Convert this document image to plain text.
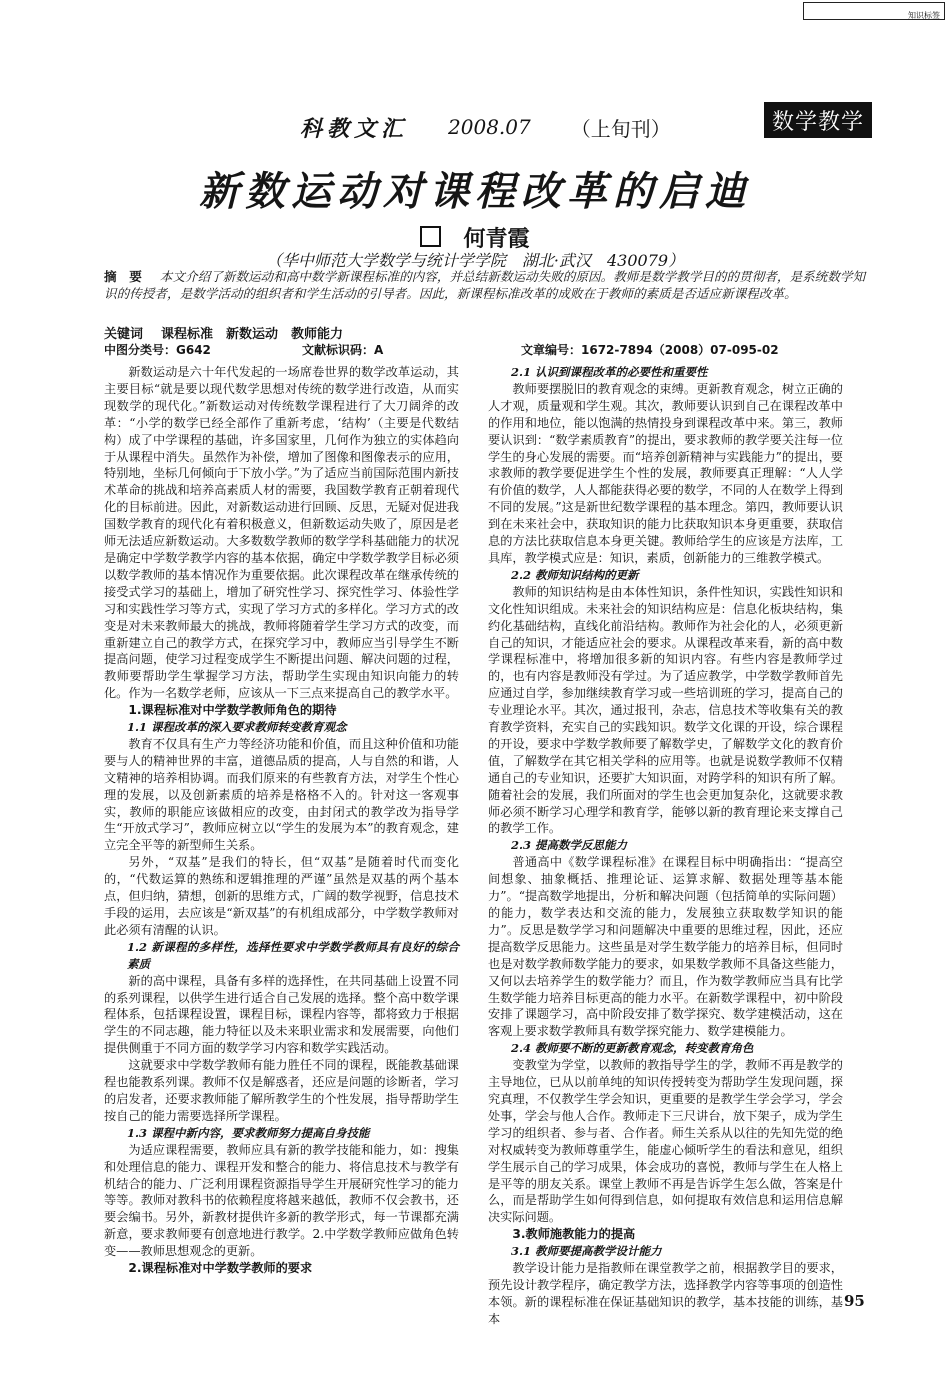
知识标签
科教文汇 2008.07 （上旬刊）	数学教学
新数运动对课程改革的启迪
何青霞
（华中师范大学数学与统计学学院　湖北·武汉　430079）
摘　要 本文介绍了新数运动和高中数学新课程标准的内容，并总结新数运动失败的原因。教师是数学教学目的的贯彻者，是系统数学知识的传授者，是数学活动的组织者和学生活动的引导者。因此，新课程标准改革的成败在于教师的素质是否适应新课程改革。
关键词 课程标准　新数运动　教师能力
中图分类号：G642	文献标识码：A	文章编号：1672-7894（2008）07-095-02

新数运动是六十年代发起的一场席卷世界的数学改革运动，其主要目标“就是要以现代数学思想对传统的数学进行改造，从而实现数学的现代化。”新数运动对传统数学课程进行了大刀阔斧的改革：“小学的数学已经全部作了重新考虑，‘结构’（主要是代数结构）成了中学课程的基础，许多国家里，几何作为独立的实体趋向于从课程中消失。虽然作为补偿，增加了图像和图像表示的应用，特别地，坐标几何倾向于下放小学。”为了适应当前国际范围内新技术革命的挑战和培养高素质人材的需要，我国数学教育正朝着现代化的目标前进。因此，对新数运动进行回顾、反思，无疑对促进我国数学教育的现代化有着积极意义，但新数运动失败了，原因是老师无法适应新数运动。大多数数学教师的数学学科基础能力的状况是确定中学数学教学内容的基本依据，确定中学数学教学目标必须以数学教师的基本情况作为重要依据。此次课程改革在继承传统的接受式学习的基础上，增加了研究性学习、探究性学习、体验性学习和实践性学习等方式，实现了学习方式的多样化。学习方式的改变是对未来教师最大的挑战，教师将随着学生学习方式的改变，而重新建立自己的教学方式，在探究学习中，教师应当引导学生不断提高问题，使学习过程变成学生不断提出问题、解决问题的过程，教师要帮助学生掌握学习方法，帮助学生实现由知识向能力的转化。作为一名数学老师，应该从一下三点来提高自己的教学水平。

1.课程标准对中学数学教师角色的期待
1.1 课程改革的深入要求教师转变教育观念

教育不仅具有生产力等经济功能和价值，而且这种价值和功能要与人的精神世界的丰富，道德品质的提高，人与自然的和谐，人文精神的培养相协调。而我们原来的有些教育方法，对学生个性心理的发展，以及创新素质的培养是格格不入的。针对这一客观事实，教师的职能应该做相应的改变，由封闭式的教学改为指导学生“开放式学习”，教师应树立以“学生的发展为本”的教育观念，建立完全平等的新型师生关系。

另外，“双基”是我们的特长，但“双基”是随着时代而变化的，“代数运算的熟练和逻辑推理的严谨”虽然是双基的两个基本点，但归纳，猜想，创新的思维方式，广阔的数学视野，信息技术手段的运用，去应该是“新双基”的有机组成部分，中学数学教师对此必须有清醒的认识。

1.2 新课程的多样性，选择性要求中学数学教师具有良好的综合素质

新的高中课程，具备有多样的选择性，在共同基础上设置不同的系列课程，以供学生进行适合自己发展的选择。整个高中数学课程体系，包括课程设置，课程目标，课程内容等，都将致力于根据学生的不同志趣，能力特征以及未来职业需求和发展需要，向他们提供侧重于不同方面的数学学习内容和数学实践活动。

这就要求中学数学教师有能力胜任不同的课程，既能教基础课程也能教系列课。教师不仅是解惑者，还应是问题的诊断者，学习的启发者，还要求教师能了解所教学生的个性发展，指导帮助学生按自己的能力需要选择所学课程。

1.3 课程中新内容，要求教师努力提高自身技能

为适应课程需要，教师应具有新的教学技能和能力，如：搜集和处理信息的能力、课程开发和整合的能力、将信息技术与教学有机结合的能力、广泛利用课程资源指导学生开展研究性学习的能力等等。教师对教科书的依赖程度将越来越低，教师不仅会教书，还要会编书。另外，新教材提供许多新的教学形式，每一节课都充满新意，要求教师要有创意地进行教学。2.中学数学教师应做角色转变——教师思想观念的更新。

2.课程标准对中学数学教师的要求
2.1 认识到课程改革的必要性和重要性

教师要摆脱旧的教育观念的束缚。更新教育观念，树立正确的人才观，质量观和学生观。其次，教师要认识到自己在课程改革中的作用和地位，能以饱满的热情投身到课程改革中来。第三，教师要认识到：“数学素质教育”的提出，要求教师的教学要关注每一位学生的身心发展的需要。而“培养创新精神与实践能力”的提出，要求教师的教学要促进学生个性的发展，教师要真正理解：“人人学有价值的数学，人人都能获得必要的数学，不同的人在数学上得到不同的发展。”这是新世纪数学课程的基本理念。第四，教师要认识到在未来社会中，获取知识的能力比获取知识本身更重要，获取信息的方法比获取信息本身更关键。教师给学生的应该是方法库，工具库，教学模式应是：知识，素质，创新能力的三维教学模式。

2.2 教师知识结构的更新

教师的知识结构是由本体性知识，条件性知识，实践性知识和文化性知识组成。未来社会的知识结构应是：信息化板块结构，集约化基础结构，直线化前沿结构。教师作为社会化的人，必须更新自己的知识，才能适应社会的要求。从课程改革来看，新的高中数学课程标准中，将增加很多新的知识内容。有些内容是教师学过的，也有内容是教师没有学过。为了适应教学，中学数学教师首先应通过自学，参加继续教育学习或一些培训班的学习，提高自己的专业理论水平。其次，通过报刊，杂志，信息技术等收集有关的教育教学资料，充实自己的实践知识。数学文化课的开设，综合课程的开设，要求中学数学教师要了解数学史，了解数学文化的教育价值，了解数学在其它相关学科的应用等。也就是说数学教师不仅精通自己的专业知识，还要扩大知识面，对跨学科的知识有所了解。随着社会的发展，我们所面对的学生也会更加复杂化，这就要求教师必须不断学习心理学和教育学，能够以新的教育理论来支撑自己的教学工作。

2.3 提高数学反思能力

普通高中《数学课程标准》在课程目标中明确指出：“提高空间想象、抽象概括、推理论证、运算求解、数据处理等基本能力”。“提高数学地提出，分析和解决问题（包括简单的实际问题）的能力，数学表达和交流的能力，发展独立获取数学知识的能力”。反思是数学学习和问题解决中重要的思维过程，因此，还应提高数学反思能力。这些虽是对学生数学能力的培养目标，但同时也是对数学教师数学能力的要求，如果数学教师不具备这些能力，又何以去培养学生的数学能力？而且，作为数学教师应当具有比学生数学能力培养目标更高的能力水平。在新数学课程中，初中阶段安排了课题学习，高中阶段安排了数学探究、数学建模活动，这在客观上要求数学教师具有数学探究能力、数学建模能力。

2.4 教师要不断的更新教育观念，转变教育角色

变教堂为学堂，以教师的教指导学生的学，教师不再是教学的主导地位，已从以前单纯的知识传授转变为帮助学生发现问题，探究真理，不仅教学生学会知识，更重要的是教学生学会学习，学会处事，学会与他人合作。教师走下三尺讲台，放下架子，成为学生学习的组织者、参与者、合作者。师生关系从以往的先知先觉的绝对权威转变为教师尊重学生，能虚心倾听学生的看法和意见，组织学生展示自己的学习成果，体会成功的喜悦，教师与学生在人格上是平等的朋友关系。课堂上教师不再是告诉学生怎么做，答案是什么，而是帮助学生如何得到信息，如何提取有效信息和运用信息解决实际问题。

3.教师施教能力的提高
3.1 教师要提高教学设计能力

教学设计能力是指教师在课堂教学之前，根据教学目的要求，预先设计教学程序，确定教学方法，选择教学内容等事项的创造性本领。新的课程标准在保证基础知识的教学，基本技能的训练，基本

95
